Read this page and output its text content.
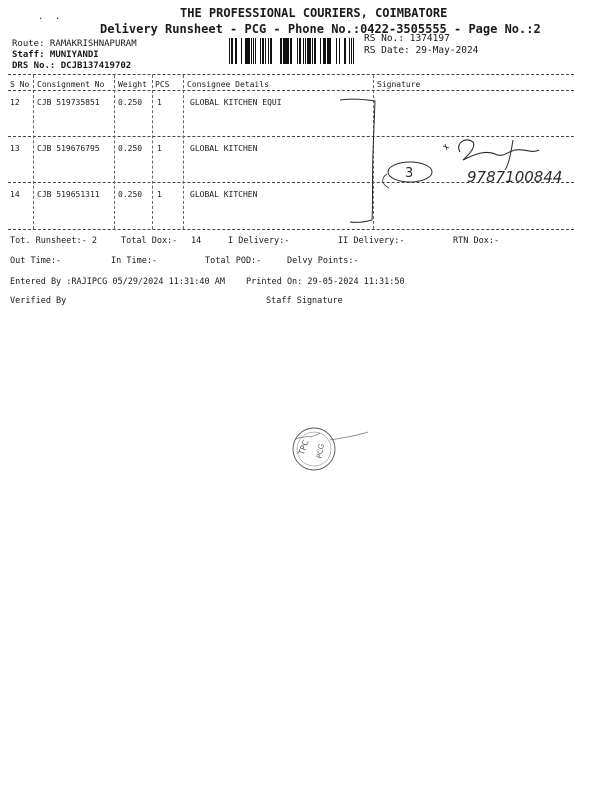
. .	THE PROFESSIONAL COURIERS, COIMBATORE
Delivery Runsheet - PCG - Phone No.:0422-3505555 - Page No.:2
Route: RAMAKRISHNAPURAM
Staff: MUNIYANDI
DRS No.: DCJB137419702
RS No.: 1374197
RS Date: 29-May-2024
S No Consignment No Weight PCS Consignee Details	Signature
12 CJB 519735851 0.250 1	GLOBAL KITCHEN EQUI
13 CJB 519676795 0.250 1	GLOBAL KITCHEN
14 CJB 519651311 0.250 1	GLOBAL KITCHEN
3	9787100844
Tot. Runsheet:- 2	Total Dox:- 14	I Delivery:-	II Delivery:-	RTN Dox:-
Out Time:-	In Time:-	Total POD:-	Delvy Points:-
Entered By :RAJIPCG 05/29/2024 11:31:40 AM Printed On: 29-05-2024 11:31:50
Verified By	Staff Signature
TPC PCG
